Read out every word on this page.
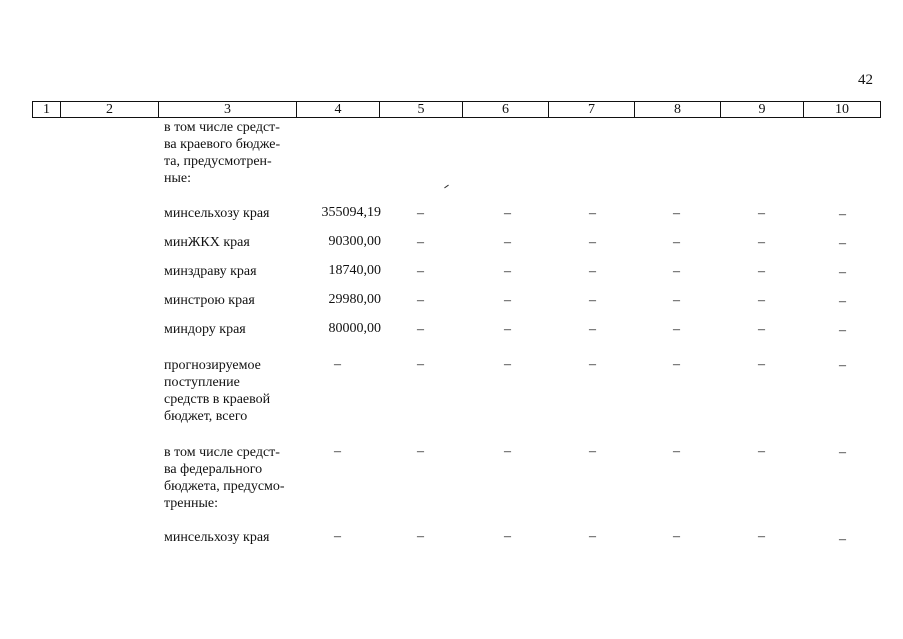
42
1	2	3	4	5	6	7	8	9	10
в том числе средст-
ва краевого бюдже-
та, предусмотрен-
ные:
минсельхозу края	355094,19	–	–	–	–	–	–
минЖКХ края	90300,00	–	–	–	–	–	–
минздраву края	18740,00	–	–	–	–	–	–
минстрою края	29980,00	–	–	–	–	–	–
миндору края	80000,00	–	–	–	–	–	–
прогнозируемое
поступление
средств в краевой
бюджет, всего
–	–	–	–	–	–	–
в том числе средст-
ва федерального
бюджета, предусмо-
тренные:
–	–	–	–	–	–	–
минсельхозу края	–	–	–	–	–	–	–
